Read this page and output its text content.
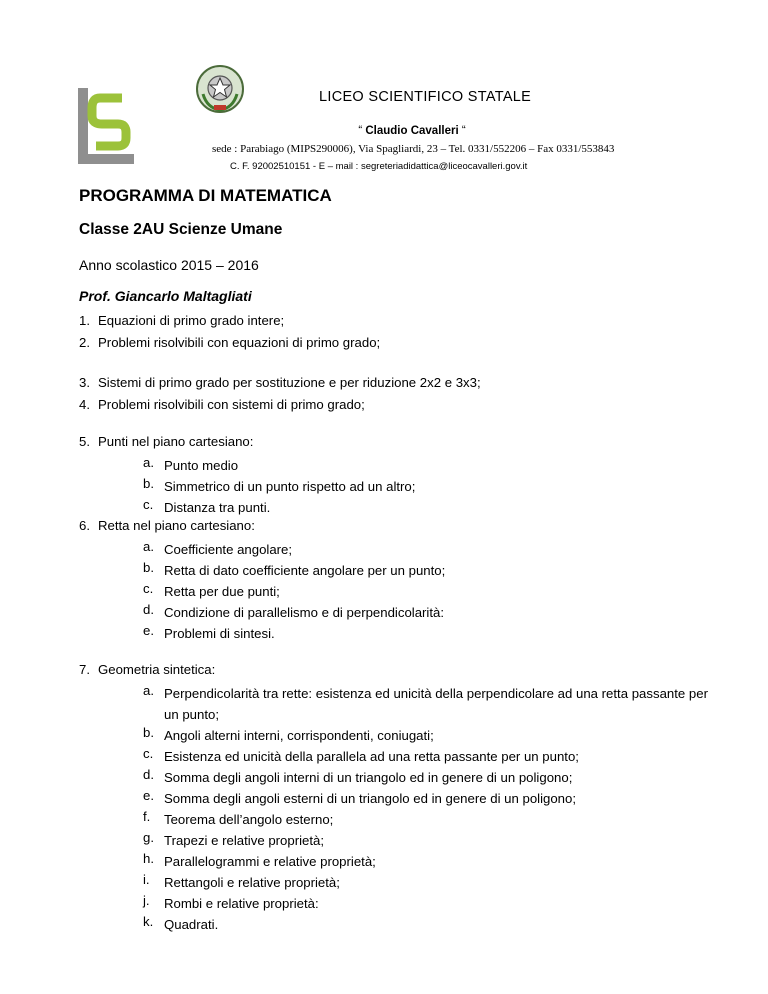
LICEO SCIENTIFICO STATALE
“ Claudio Cavalleri “
sede : Parabiago (MIPS290006), Via Spagliardi, 23 – Tel. 0331/552206 – Fax 0331/553843
C. F. 92002510151 - E – mail : segreteriadidattica@liceocavalleri.gov.it
PROGRAMMA DI MATEMATICA
Classe 2AU Scienze Umane
Anno scolastico 2015 – 2016
Prof. Giancarlo Maltagliati
1. Equazioni di primo grado intere;
2. Problemi risolvibili con equazioni di primo grado;
3. Sistemi di primo grado per sostituzione e per riduzione 2x2 e 3x3;
4. Problemi risolvibili con sistemi di primo grado;
5. Punti nel piano cartesiano:
a. Punto medio
b. Simmetrico di un punto rispetto ad un altro;
c. Distanza tra punti.
6. Retta nel piano cartesiano:
a. Coefficiente angolare;
b. Retta di dato coefficiente angolare per un punto;
c. Retta per due punti;
d. Condizione di parallelismo e di perpendicolarità:
e. Problemi di sintesi.
7. Geometria sintetica:
a. Perpendicolarità tra rette: esistenza ed unicità della perpendicolare ad una retta passante per un punto;
b. Angoli alterni interni, corrispondenti, coniugati;
c. Esistenza ed unicità della parallela ad una retta passante per un punto;
d. Somma degli angoli interni di un triangolo ed in genere di un poligono;
e. Somma degli angoli esterni di un triangolo ed in genere di un poligono;
f. Teorema dell’angolo esterno;
g. Trapezi e relative proprietà;
h. Parallelogrammi e relative proprietà;
i. Rettangoli e relative proprietà;
j. Rombi e relative proprietà:
k. Quadrati.
